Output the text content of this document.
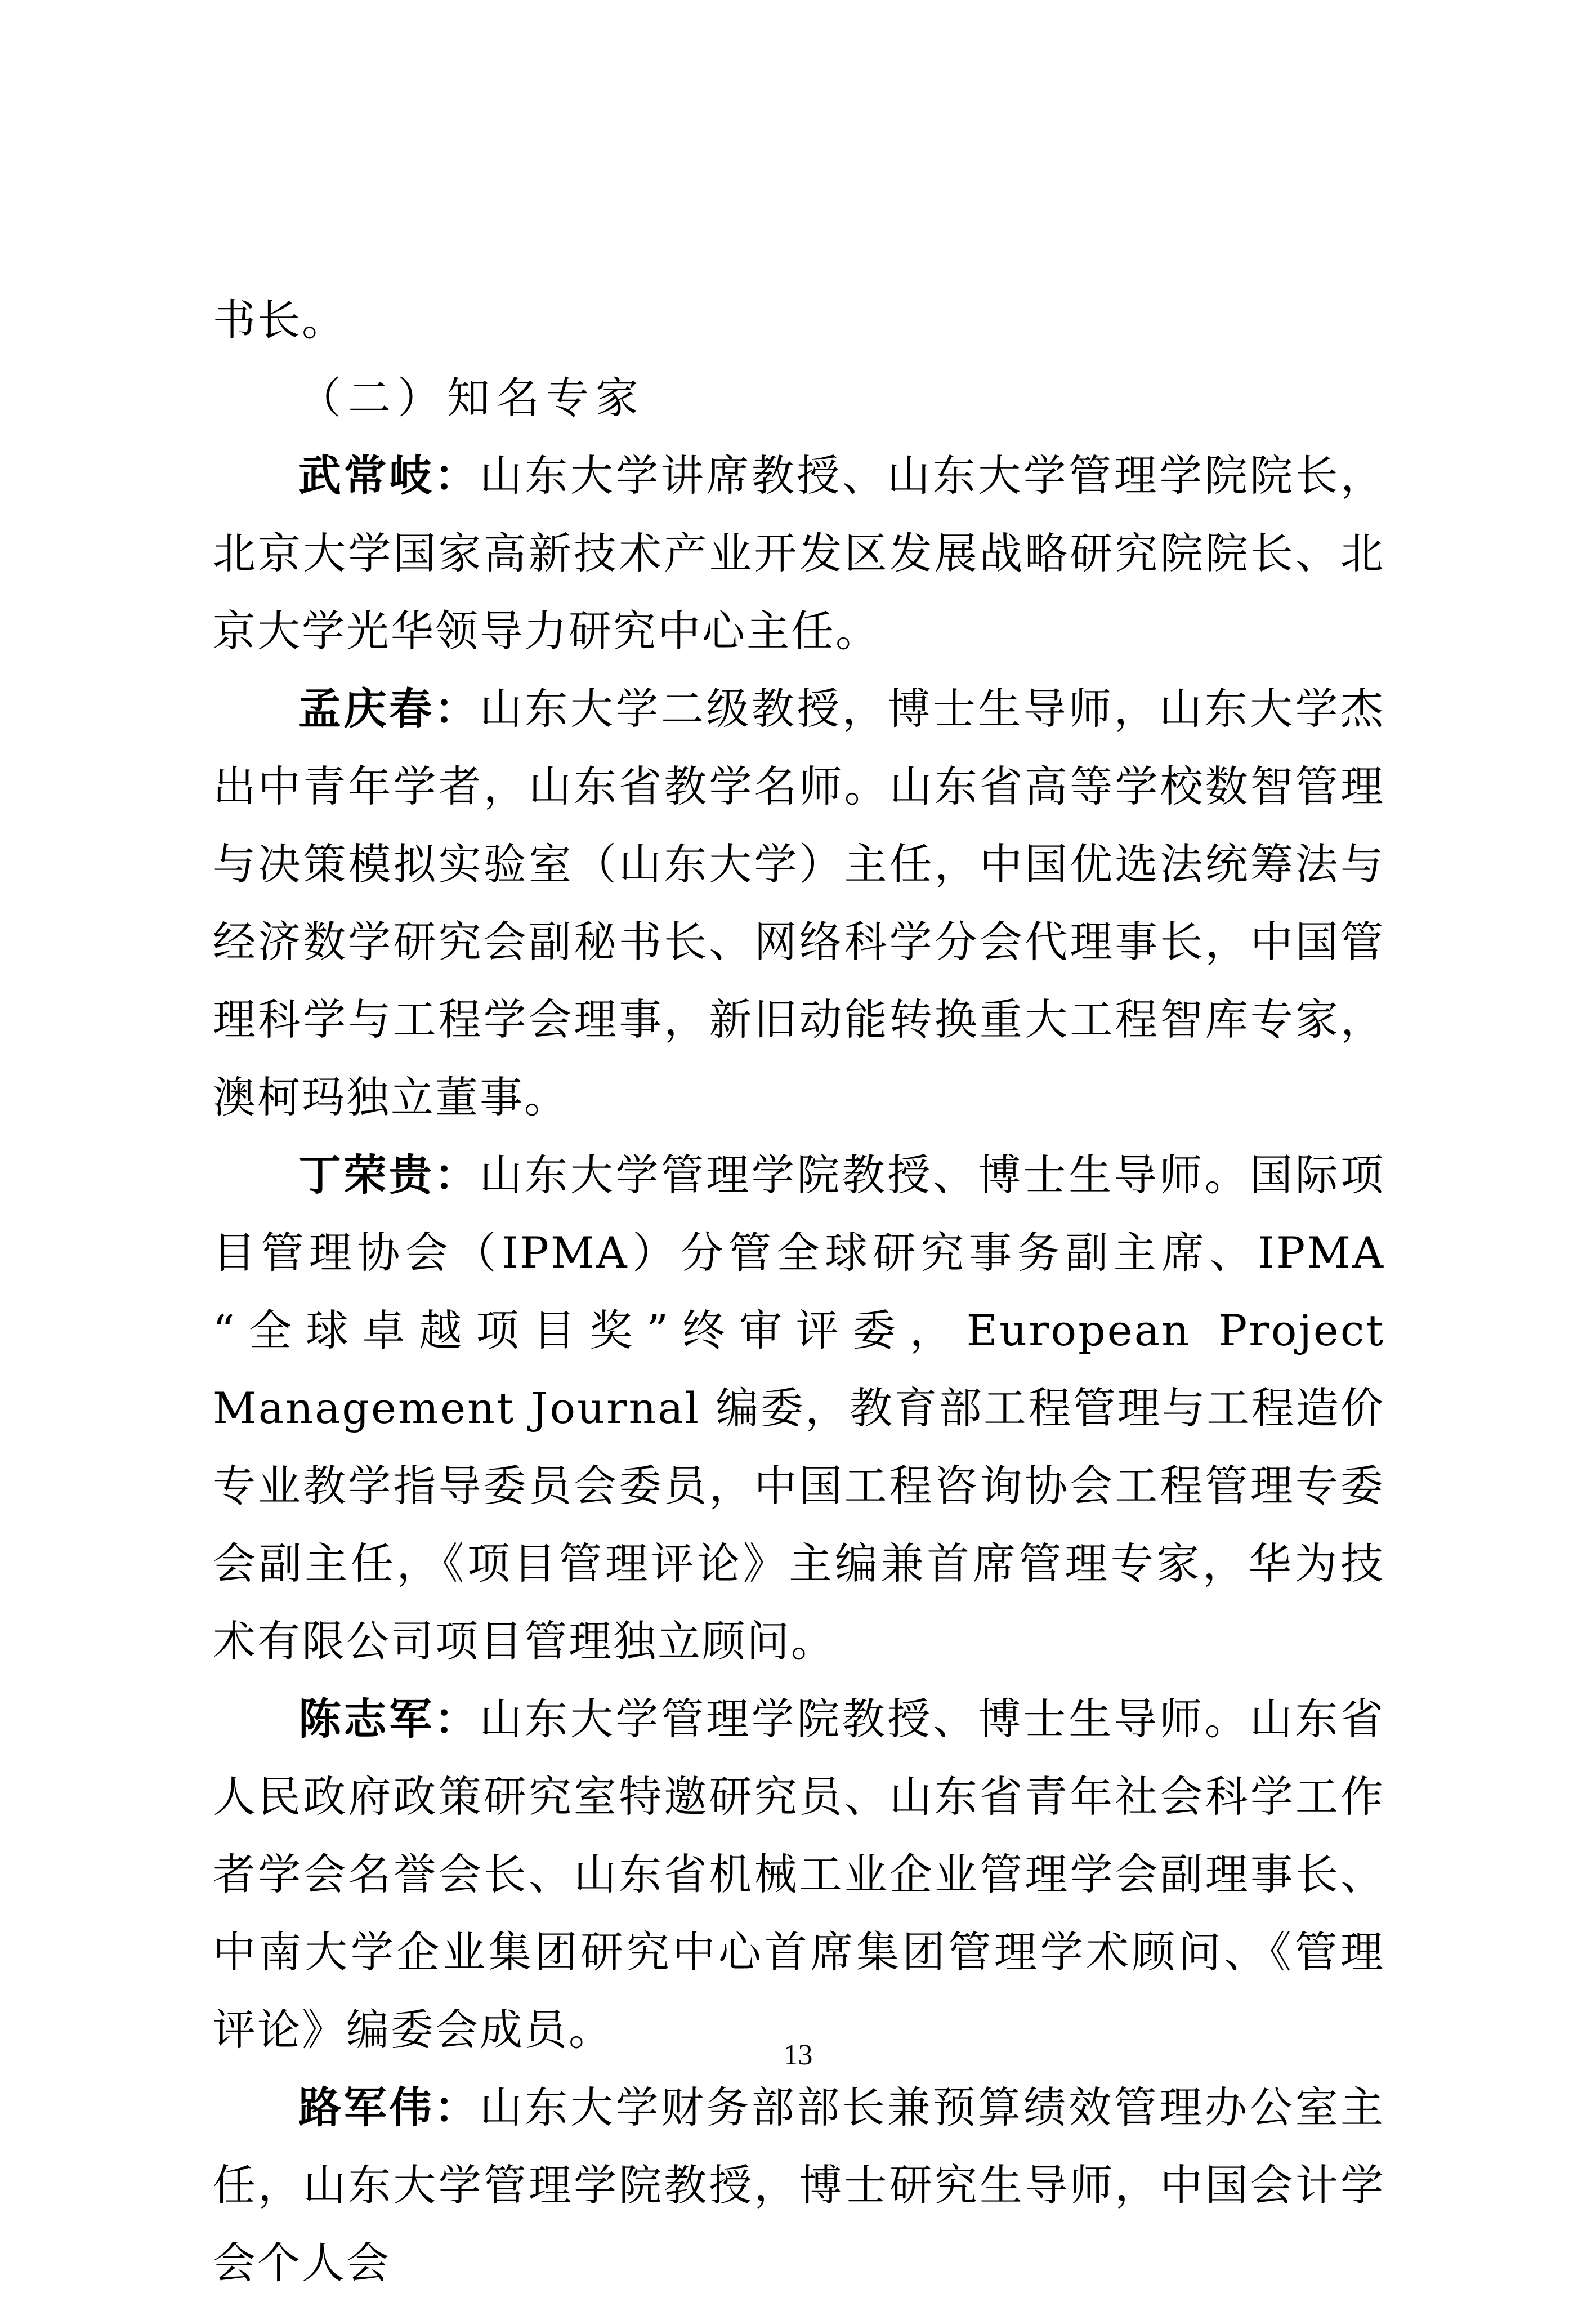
书长。

（二）知名专家

武常岐：山东大学讲席教授、山东大学管理学院院长，北京大学国家高新技术产业开发区发展战略研究院院长、北京大学光华领导力研究中心主任。

孟庆春：山东大学二级教授，博士生导师，山东大学杰出中青年学者，山东省教学名师。山东省高等学校数智管理与决策模拟实验室（山东大学）主任，中国优选法统筹法与经济数学研究会副秘书长、网络科学分会代理事长，中国管理科学与工程学会理事，新旧动能转换重大工程智库专家，澳柯玛独立董事。

丁荣贵：山东大学管理学院教授、博士生导师。国际项目管理协会（IPMA）分管全球研究事务副主席、IPMA “全球卓越项目奖”终审评委，European Project Management Journal 编委，教育部工程管理与工程造价专业教学指导委员会委员，中国工程咨询协会工程管理专委会副主任，《项目管理评论》主编兼首席管理专家，华为技术有限公司项目管理独立顾问。

陈志军：山东大学管理学院教授、博士生导师。山东省人民政府政策研究室特邀研究员、山东省青年社会科学工作者学会名誉会长、山东省机械工业企业管理学会副理事长、中南大学企业集团研究中心首席集团管理学术顾问、《管理评论》编委会成员。

路军伟：山东大学财务部部长兼预算绩效管理办公室主任，山东大学管理学院教授，博士研究生导师，中国会计学会个人会

13
